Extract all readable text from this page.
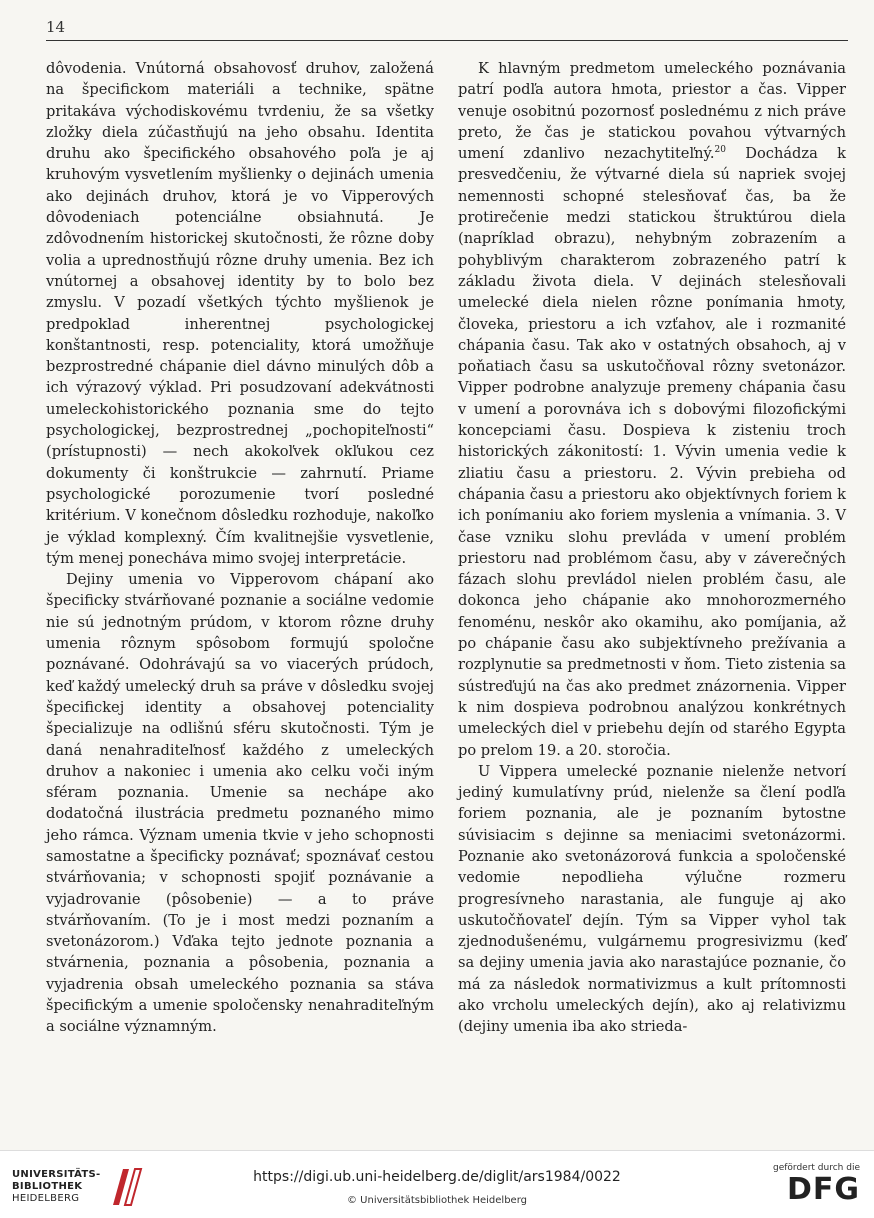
14

dôvodenia. Vnútorná obsahovosť druhov, založená na špecifickom materiáli a technike, spätne pritakáva východiskovému tvrdeniu, že sa všetky zložky diela zúčastňujú na jeho obsahu. Identita druhu ako špecifického obsahového poľa je aj kruhovým vysvetlením myšlienky o dejinách umenia ako dejinách druhov, ktorá je vo Vipperových dôvodeniach potenciálne obsiahnutá. Je zdôvodnením historickej skutočnosti, že rôzne doby volia a uprednostňujú rôzne druhy umenia. Bez ich vnútornej a obsahovej identity by to bolo bez zmyslu. V pozadí všetkých týchto myšlienok je predpoklad inherentnej psychologickej konštantnosti, resp. potenciality, ktorá umožňuje bezprostredné chápanie diel dávno minulých dôb a ich výrazový výklad. Pri posudzovaní adekvátnosti umeleckohistorického poznania sme do tejto psychologickej, bezprostrednej „pochopiteľnosti“ (prístupnosti) — nech akokoľvek okľukou cez dokumenty či konštrukcie — zahrnutí. Priame psychologické porozumenie tvorí posledné kritérium. V konečnom dôsledku rozhoduje, nakoľko je výklad komplexný. Čím kvalitnejšie vysvetlenie, tým menej ponecháva mimo svojej interpretácie.

Dejiny umenia vo Vipperovom chápaní ako špecificky stvárňované poznanie a sociálne vedomie nie sú jednotným prúdom, v ktorom rôzne druhy umenia rôznym spôsobom formujú spoločne poznávané. Odohrávajú sa vo viacerých prúdoch, keď každý umelecký druh sa práve v dôsledku svojej špecifickej identity a obsahovej potenciality špecializuje na odlišnú sféru skutočnosti. Tým je daná nenahraditeľnosť každého z umeleckých druhov a nakoniec i umenia ako celku voči iným sféram poznania. Umenie sa nechápe ako dodatočná ilustrácia predmetu poznaného mimo jeho rámca. Význam umenia tkvie v jeho schopnosti samostatne a špecificky poznávať; spoznávať cestou stvárňovania; v schopnosti spojiť poznávanie a vyjadrovanie (pôsobenie) — a to práve stvárňovaním. (To je i most medzi poznaním a svetonázorom.) Vďaka tejto jednote poznania a stvárnenia, poznania a pôsobenia, poznania a vyjadrenia obsah umeleckého poznania sa stáva špecifickým a umenie spoločensky nenahraditeľným a sociálne významným.

K hlavným predmetom umeleckého poznávania patrí podľa autora hmota, priestor a čas. Vipper venuje osobitnú pozornosť poslednému z nich práve preto, že čas je statickou povahou výtvarných umení zdanlivo nezachytiteľný.$^{20}$ Dochádza k presvedčeniu, že výtvarné diela sú napriek svojej nemennosti schopné stelesňovať čas, ba že protirečenie medzi statickou štruktúrou diela (napríklad obrazu), nehybným zobrazením a pohyblivým charakterom zobrazeného patrí k základu života diela. V dejinách stelesňovali umelecké diela nielen rôzne ponímania hmoty, človeka, priestoru a ich vzťahov, ale i rozmanité chápania času. Tak ako v ostatných obsahoch, aj v poňatiach času sa uskutočňoval rôzny svetonázor. Vipper podrobne analyzuje premeny chápania času v umení a porovnáva ich s dobovými filozofickými koncepciami času. Dospieva k zisteniu troch historických zákonitostí: 1. Vývin umenia vedie k zliatiu času a priestoru. 2. Vývin prebieha od chápania času a priestoru ako objektívnych foriem k ich ponímaniu ako foriem myslenia a vnímania. 3. V čase vzniku slohu prevláda v umení problém priestoru nad problémom času, aby v záverečných fázach slohu prevládol nielen problém času, ale dokonca jeho chápanie ako mnohorozmerného fenoménu, neskôr ako okamihu, ako pomíjania, až po chápanie času ako subjektívneho prežívania a rozplynutie sa predmetnosti v ňom. Tieto zistenia sa sústreďujú na čas ako predmet znázornenia. Vipper k nim dospieva podrobnou analýzou konkrétnych umeleckých diel v priebehu dejín od starého Egypta po prelom 19. a 20. storočia.

U Vippera umelecké poznanie nielenže netvorí jediný kumulatívny prúd, nielenže sa člení podľa foriem poznania, ale je poznaním bytostne súvisiacim s dejinne sa meniacimi svetonázormi. Poznanie ako svetonázorová funkcia a spoločenské vedomie nepodlieha výlučne rozmeru progresívneho narastania, ale funguje aj ako uskutočňovateľ dejín. Tým sa Vipper vyhol tak zjednodušenému, vulgárnemu progresivizmu (keď sa dejiny umenia javia ako narastajúce poznanie, čo má za následok normativizmus a kult prítomnosti ako vrcholu umeleckých dejín), ako aj relativizmu (dejiny umenia iba ako strieda-

UNIVERSITÄTS-
BIBLIOTHEK
HEIDELBERG
https://digi.ub.uni-heidelberg.de/diglit/ars1984/0022
© Universitätsbibliothek Heidelberg
gefördert durch die
DFG
